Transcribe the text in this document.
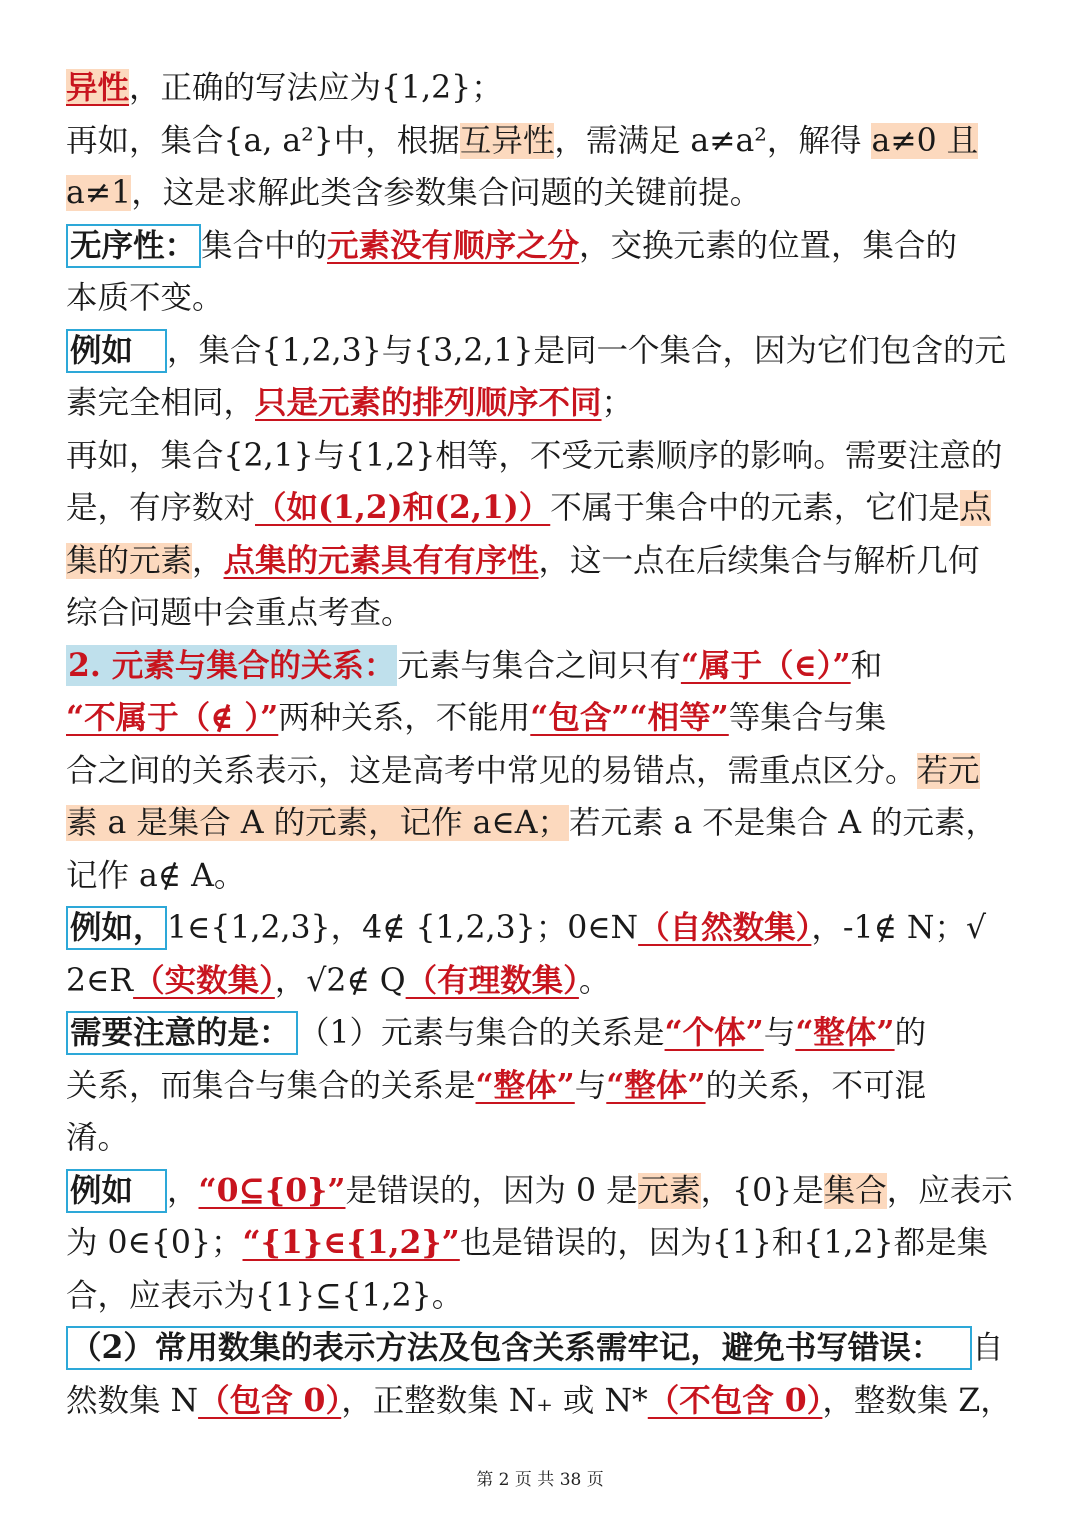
异性，正确的写法应为{1,2}；
再如，集合{a, a²}中，根据互异性，需满足 a≠a²，解得 a≠0 且
a≠1，这是求解此类含参数集合问题的关键前提。
无序性： 集合中的元素没有顺序之分，交换元素的位置，集合的
本质不变。
例如 ，集合{1,2,3}与{3,2,1}是同一个集合，因为它们包含的元
素完全相同，只是元素的排列顺序不同；
再如，集合{2,1}与{1,2}相等，不受元素顺序的影响。需要注意的
是，有序数对（如(1,2)和(2,1)）不属于集合中的元素，它们是点
集的元素，点集的元素具有有序性，这一点在后续集合与解析几何
综合问题中会重点考查。
2. 元素与集合的关系：元素与集合之间只有“属于（∈）”和
“不属于（∉ ）”两种关系，不能用“包含”“相等”等集合与集
合之间的关系表示，这是高考中常见的易错点，需重点区分。若元
素 a 是集合 A 的元素，记作 a∈A；若元素 a 不是集合 A 的元素，
记作 a∉ A。
例如，1∈{1,2,3}，4∉ {1,2,3}；0∈N（自然数集），-1∉ N；√
2∈R（实数集），√2∉ Q（有理数集）。
需要注意的是： （1）元素与集合的关系是“个体”与“整体”的
关系，而集合与集合的关系是“整体”与“整体”的关系，不可混
淆。
例如 ，“0⊆{0}”是错误的，因为 0 是元素，{0}是集合，应表示
为 0∈{0}；“{1}∈{1,2}”也是错误的，因为{1}和{1,2}都是集
合，应表示为{1}⊆{1,2}。
（2）常用数集的表示方法及包含关系需牢记，避免书写错误： 自
然数集 N（包含 0），正整数集 N₊ 或 N*（不包含 0），整数集 Z，
第 2 页 共 38 页
